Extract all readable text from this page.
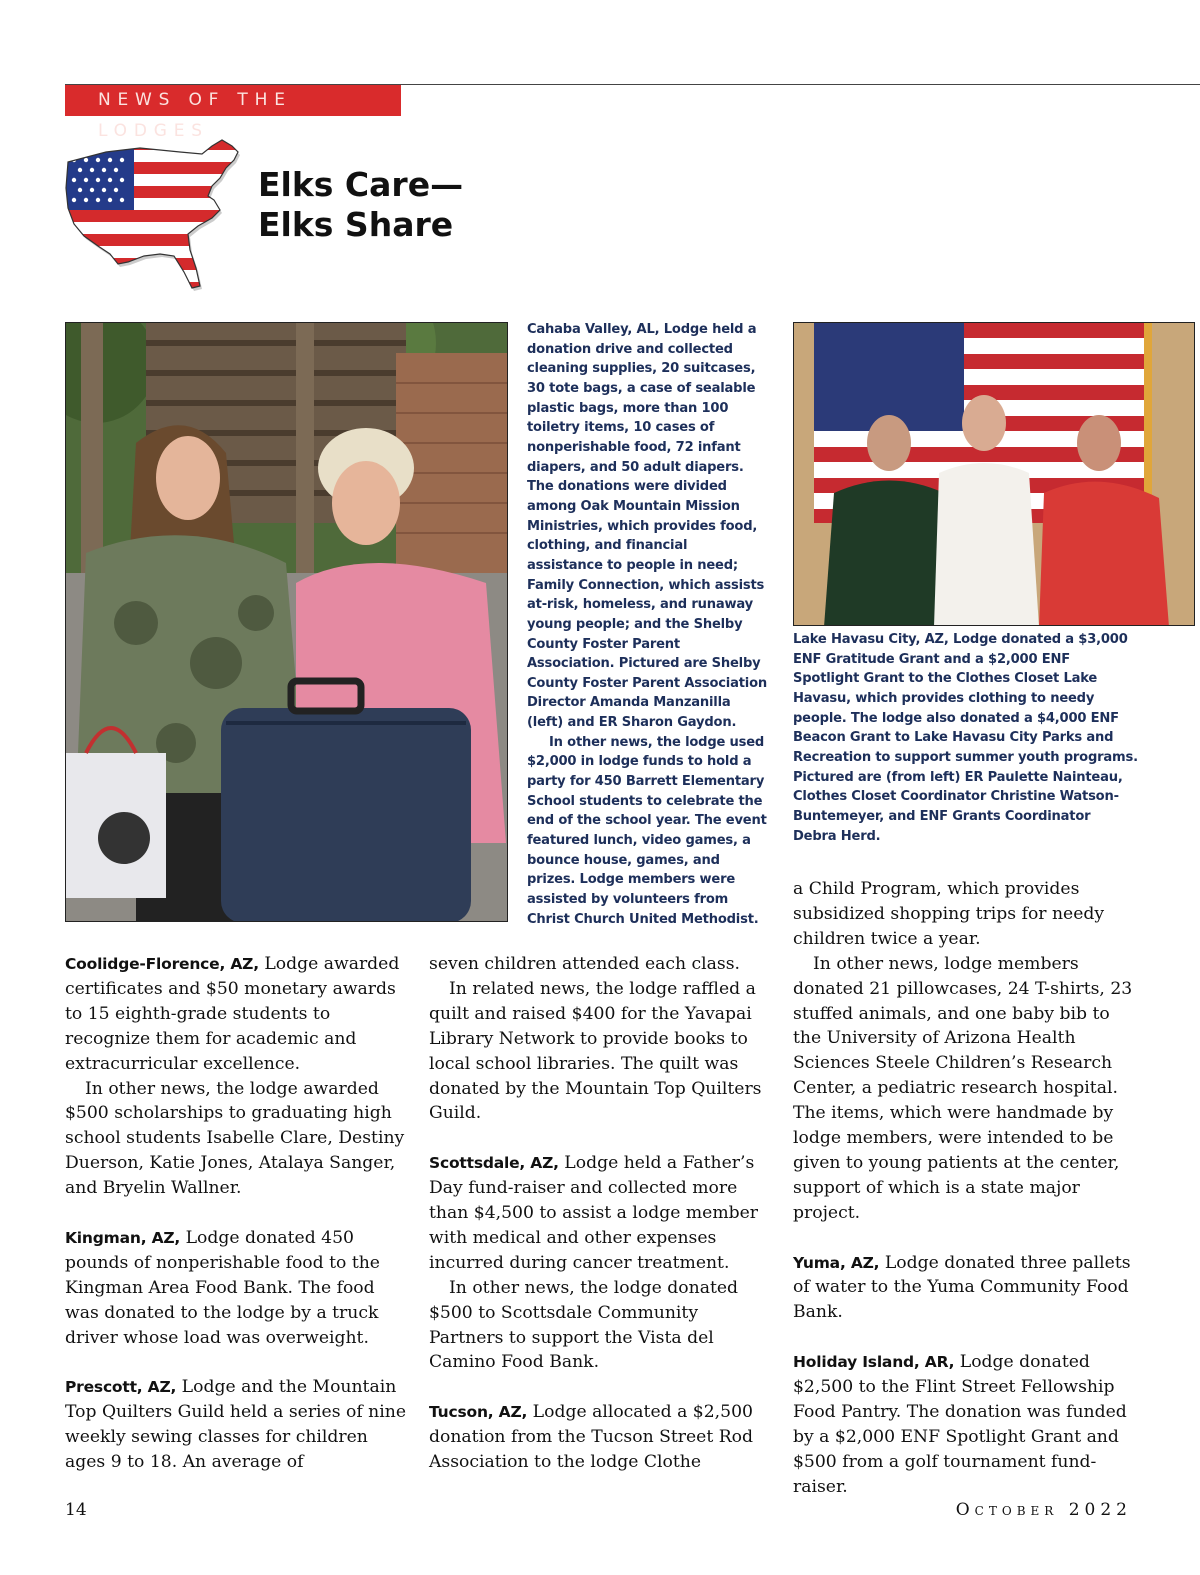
NEWS OF THE LODGES
Elks Care—
Elks Share

Cahaba Valley, AL, Lodge held a donation drive and collected cleaning supplies, 20 suitcases, 30 tote bags, a case of sealable plastic bags, more than 100 toiletry items, 10 cases of nonperishable food, 72 infant diapers, and 50 adult diapers. The donations were divided among Oak Mountain Mission Ministries, which provides food, clothing, and financial assistance to people in need; Family Connection, which assists at-risk, homeless, and runaway young people; and the Shelby County Foster Parent Association. Pictured are Shelby County Foster Parent Association Director Amanda Manzanilla (left) and ER Sharon Gaydon.

In other news, the lodge used $2,000 in lodge funds to hold a party for 450 Barrett Elementary School students to celebrate the end of the school year. The event featured lunch, video games, a bounce house, games, and prizes. Lodge members were assisted by volunteers from Christ Church United Methodist.

Lake Havasu City, AZ, Lodge donated a $3,000 ENF Gratitude Grant and a $2,000 ENF Spotlight Grant to the Clothes Closet Lake Havasu, which provides clothing to needy people. The lodge also donated a $4,000 ENF Beacon Grant to Lake Havasu City Parks and Recreation to support summer youth programs. Pictured are (from left) ER Paulette Nainteau, Clothes Closet Coordinator Christine Watson-Buntemeyer, and ENF Grants Coordinator Debra Herd.

Coolidge-Florence, AZ, Lodge awarded certificates and $50 monetary awards to 15 eighth-grade students to recognize them for academic and extracurricular excellence.

In other news, the lodge awarded $500 scholarships to graduating high school students Isabelle Clare, Destiny Duerson, Katie Jones, Atalaya Sanger, and Bryelin Wallner.

Kingman, AZ, Lodge donated 450 pounds of nonperishable food to the Kingman Area Food Bank. The food was donated to the lodge by a truck driver whose load was overweight.

Prescott, AZ, Lodge and the Mountain Top Quilters Guild held a series of nine weekly sewing classes for children ages 9 to 18. An average of

seven children attended each class.

In related news, the lodge raffled a quilt and raised $400 for the Yavapai Library Network to provide books to local school libraries. The quilt was donated by the Mountain Top Quilters Guild.

Scottsdale, AZ, Lodge held a Father’s Day fund-raiser and collected more than $4,500 to assist a lodge member with medical and other expenses incurred during cancer treatment.

In other news, the lodge donated $500 to Scottsdale Community Partners to support the Vista del Camino Food Bank.

Tucson, AZ, Lodge allocated a $2,500 donation from the Tucson Street Rod Association to the lodge Clothe

a Child Program, which provides subsidized shopping trips for needy children twice a year.

In other news, lodge members donated 21 pillowcases, 24 T-shirts, 23 stuffed animals, and one baby bib to the University of Arizona Health Sciences Steele Children’s Research Center, a pediatric research hospital. The items, which were handmade by lodge members, were intended to be given to young patients at the center, support of which is a state major project.

Yuma, AZ, Lodge donated three pallets of water to the Yuma Community Food Bank.

Holiday Island, AR, Lodge donated $2,500 to the Flint Street Fellowship Food Pantry. The donation was funded by a $2,000 ENF Spotlight Grant and $500 from a golf tournament fund-raiser.

14	October 2022
